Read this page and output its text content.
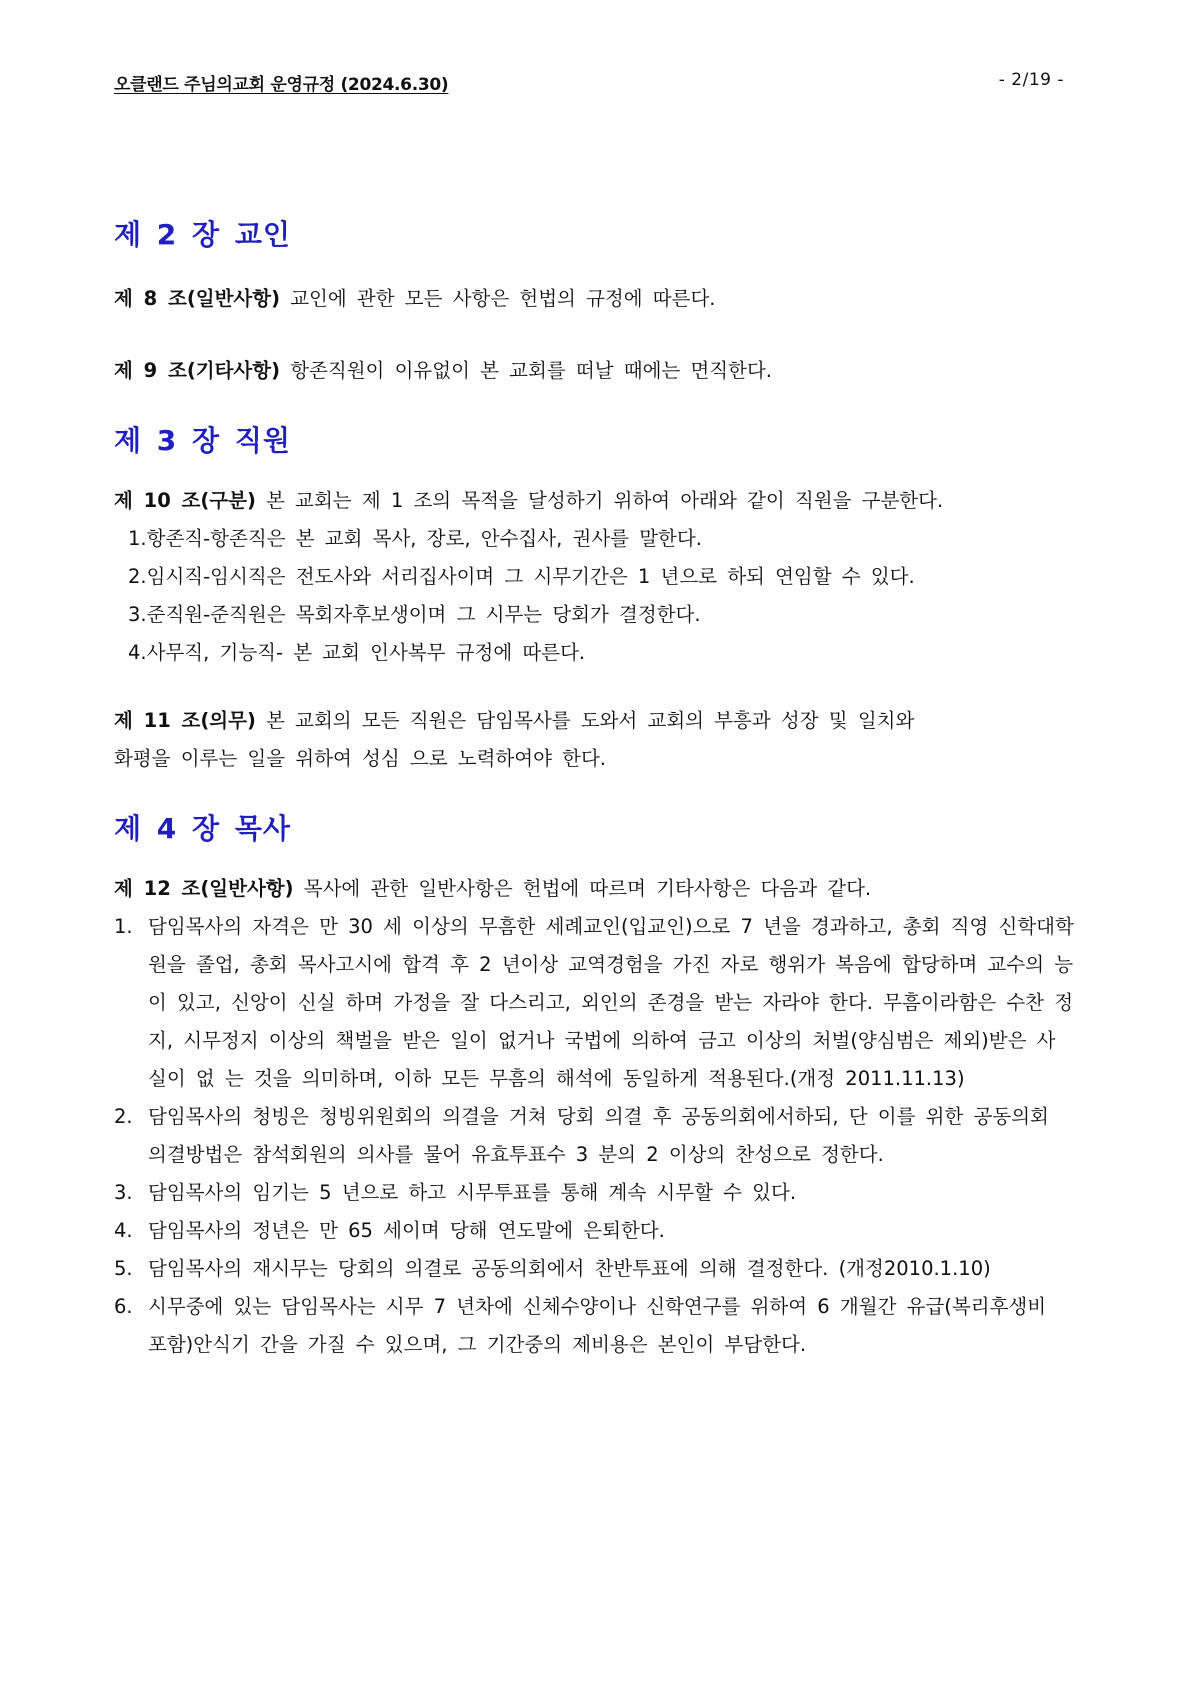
오클랜드 주님의교회 운영규정 (2024.6.30)	- 2/19 -
제 2 장 교인

제 8 조(일반사항) 교인에 관한 모든 사항은 헌법의 규정에 따른다.

제 9 조(기타사항) 항존직원이 이유없이 본 교회를 떠날 때에는 면직한다.

제 3 장 직원

제 10 조(구분) 본 교회는 제 1 조의 목적을 달성하기 위하여 아래와 같이 직원을 구분한다.

1.항존직-항존직은 본 교회 목사, 장로, 안수집사, 권사를 말한다.

2.임시직-임시직은 전도사와 서리집사이며 그 시무기간은 1 년으로 하되 연임할 수 있다.

3.준직원-준직원은 목회자후보생이며 그 시무는 당회가 결정한다.

4.사무직, 기능직- 본 교회 인사복무 규정에 따른다.

제 11 조(의무) 본 교회의 모든 직원은 담임목사를 도와서 교회의 부흥과 성장 및 일치와

화평을 이루는 일을 위하여 성심 으로 노력하여야 한다.

제 4 장 목사

제 12 조(일반사항) 목사에 관한 일반사항은 헌법에 따르며 기타사항은 다음과 같다.

1. 담임목사의 자격은 만 30 세 이상의 무흠한 세례교인(입교인)으로 7 년을 경과하고, 총회 직영 신학대학원을 졸업, 총회 목사고시에 합격 후 2 년이상 교역경험을 가진 자로 행위가 복음에 합당하며 교수의 능이 있고, 신앙이 신실 하며 가정을 잘 다스리고, 외인의 존경을 받는 자라야 한다. 무흠이라함은 수찬 정지, 시무정지 이상의 책벌을 받은 일이 없거나 국법에 의하여 금고 이상의 처벌(양심범은 제외)받은 사실이 없 는 것을 의미하며, 이하 모든 무흠의 해석에 동일하게 적용된다.(개정 2011.11.13)
2. 담임목사의 청빙은 청빙위원회의 의결을 거쳐 당회 의결 후 공동의회에서하되, 단 이를 위한 공동의회 의결방법은 참석회원의 의사를 물어 유효투표수 3 분의 2 이상의 찬성으로 정한다.
3. 담임목사의 임기는 5 년으로 하고 시무투표를 통해 계속 시무할 수 있다.
4. 담임목사의 정년은 만 65 세이며 당해 연도말에 은퇴한다.
5. 담임목사의 재시무는 당회의 의결로 공동의회에서 찬반투표에 의해 결정한다. (개정2010.1.10)
6. 시무중에 있는 담임목사는 시무 7 년차에 신체수양이나 신학연구를 위하여 6 개월간 유급(복리후생비 포함)안식기 간을 가질 수 있으며, 그 기간중의 제비용은 본인이 부담한다.
